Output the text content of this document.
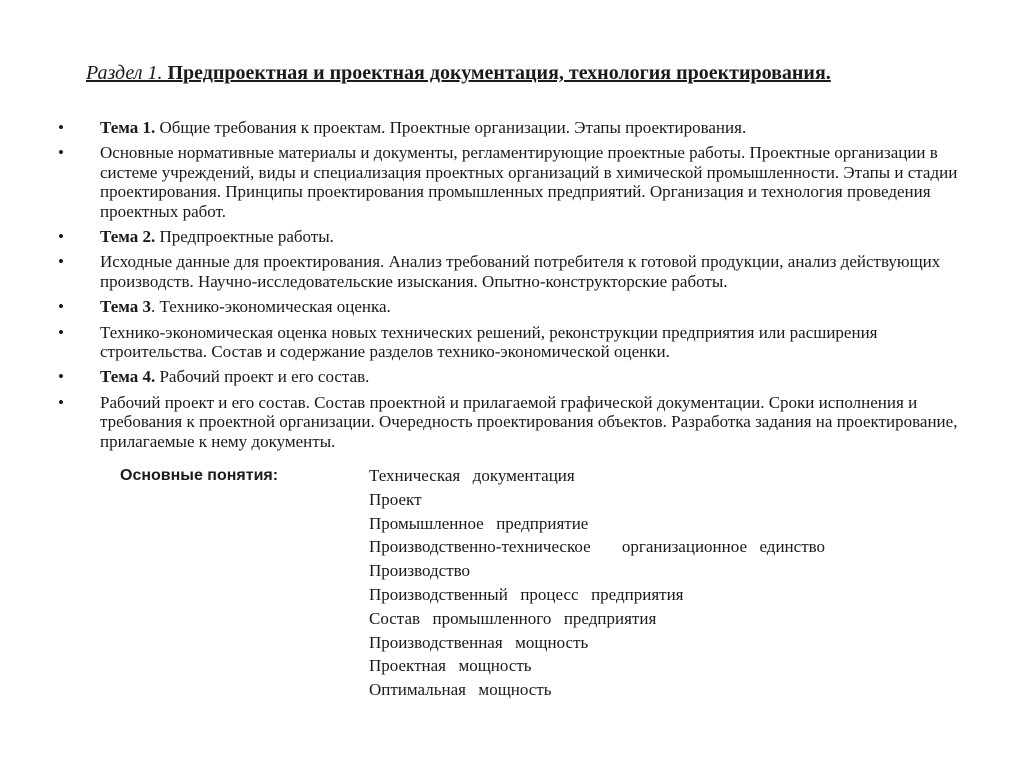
Раздел 1. Предпроектная и проектная документация, технология проектирования.
• Тема 1. Общие требования к проектам. Проектные организации. Этапы проектирования.
• Основные нормативные материалы и документы, регламентирующие проектные работы. Проектные организации в системе учреждений, виды и специализация проектных организаций в химической промышленности. Этапы и стадии проектирования. Принципы проектирования промышленных предприятий. Организация и технология проведения проектных работ.
• Тема 2. Предпроектные работы.
• Исходные данные для проектирования. Анализ требований потребителя к готовой продукции, анализ действующих производств. Научно-исследовательские изыскания. Опытно-конструкторские работы.
• Тема 3. Технико-экономическая оценка.
• Технико-экономическая оценка новых технических решений, реконструкции предприятия или расширения строительства. Состав и содержание разделов технико-экономической оценки.
• Тема 4. Рабочий проект и его состав.
• Рабочий проект и его состав. Состав проектной и прилагаемой графической документации. Сроки исполнения и требования к проектной организации. Очередность проектирования объектов. Разработка задания на проектирование, прилагаемые к нему документы.
Основные понятия:	Техническая  документация
Проект
Промышленное  предприятие
Производственно-техническое     организационное  единство
Производство
Производственный  процесс  предприятия
Состав  промышленного  предприятия
Производственная  мощность
Проектная  мощность
Оптимальная  мощность
